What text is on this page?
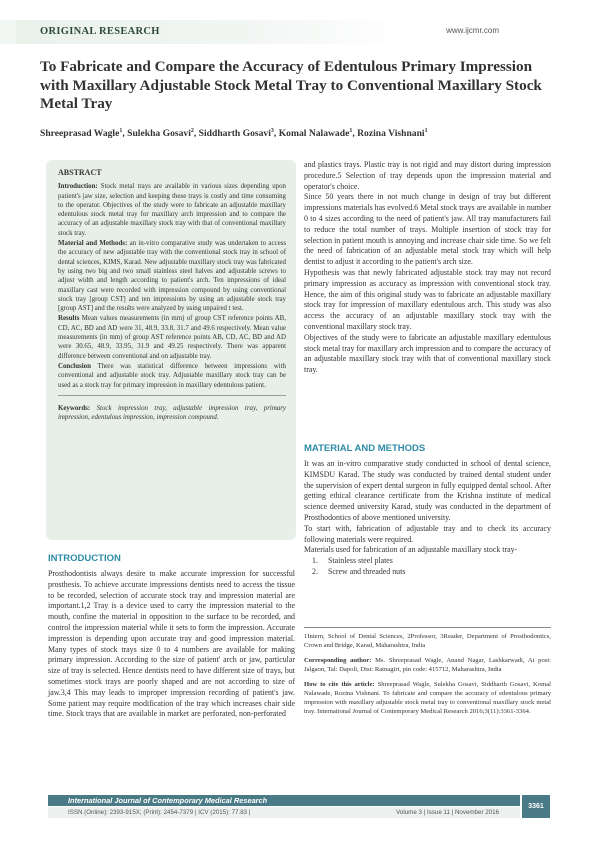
ORIGINAL RESEARCH	www.ijcmr.com
To Fabricate and Compare the Accuracy of Edentulous Primary Impression with Maxillary Adjustable Stock Metal Tray to Conventional Maxillary Stock Metal Tray
Shreeprasad Wagle$^1$, Sulekha Gosavi$^2$, Siddharth Gosavi$^3$, Komal Nalawade$^1$, Rozina Vishnani$^1$
ABSTRACT

Introduction: Stock metal trays are available in various sizes depending upon patient's jaw size, selection and keeping these trays is costly and time consuming to the operator. Objectives of the study were to fabricate an adjustable maxillary edentulous stock metal tray for maxillary arch impression and to compare the accuracy of an adjustable maxillary stock tray with that of conventional maxillary stock tray.

Material and Methods: an in-vitro comparative study was undertaken to access the accuracy of new adjustable tray with the conventional stock tray in school of dental sciences, KIMS, Karad. New adjustable maxillary stock tray was fabricated by using two big and two small stainless steel halves and adjustable screws to adjust width and length according to patient's arch. Ten impressions of ideal maxillary cast were recorded with impression compound by using conventional stock tray [group CST] and ten impressions by using an adjustable stock tray [group AST] and the results were analyzed by using unpaired t test.

Results Mean values measurements (in mm) of group CST reference points AB, CD, AC, BD and AD were 31, 48.9, 33.8, 31.7 and 49.6 respectively. Mean value measurements (in mm) of group AST reference points AB, CD, AC, BD and AD were 30.65, 48.9, 33.95, 31.9 and 49.25 respectively. There was apparent difference between conventional and on adjustable tray.

Conclusion There was statistical difference between impressions with conventional and adjustable stock tray. Adjustable maxillary stock tray can be used as a stock tray for primary impression in maxillary edentulous patient.

Keywords: Stock impression tray, adjustable impression tray, primary impression, edentulous impression, impression compound.

INTRODUCTION

Prosthodontists always desire to make accurate impression for successful prosthesis. To achieve accurate impressions dentists need to access the tissue to be recorded, selection of accurate stock tray and impression material are important.1,2 Tray is a device used to carry the impression material to the mouth, confine the material in opposition to the surface to be recorded, and control the impression material while it sets to form the impression. Accurate impression is depending upon accurate tray and good impression material. Many types of stock trays size 0 to 4 numbers are available for making primary impression. According to the size of patient' arch or jaw, particular size of tray is selected. Hence dentists need to have different size of trays, but sometimes stock trays are poorly shaped and are not according to size of jaw.3,4 This may leads to improper impression recording of patient's jaw. Some patient may require modification of the tray which increases chair side time. Stock trays that are available in market are perforated, non-perforated

and plastics trays. Plastic tray is not rigid and may distort during impression procedure.5 Selection of tray depends upon the impression material and operator's choice.

Since 50 years there in not much change in design of tray but different impressions materials has evolved.6 Metal stock trays are available in number 0 to 4 sizes according to the need of patient's jaw. All tray manufacturers fail to reduce the total number of trays. Multiple insertion of stock tray for selection in patient mouth is annoying and increase chair side time. So we felt the need of fabrication of an adjustable metal stock tray which will help dentist to adjust it according to the patient's arch size.

Hypothesis was that newly fabricated adjustable stock tray may not record primary impression as accuracy as impression with conventional stock tray. Hence, the aim of this original study was to fabricate an adjustable maxillary stock tray for impression of maxillary edentulous arch. This study was also access the accuracy of an adjustable maxillary stock tray with the conventional maxillary stock tray.

Objectives of the study were to fabricate an adjustable maxillary edentulous stock metal tray for maxillary arch impression and to compare the accuracy of an adjustable maxillary stock tray with that of conventional maxillary stock tray.

MATERIAL AND METHODS

It was an in-vitro comparative study conducted in school of dental science, KIMSDU Karad. The study was conducted by trained dental student under the supervision of expert dental surgeon in fully equipped dental school. After getting ethical clearance certificate from the Krishna institute of medical science deemed university Karad, study was conducted in the department of Prosthodontics of above mentioned university.

To start with, fabrication of adjustable tray and to check its accuracy following materials were required.

Materials used for fabrication of an adjustable maxillary stock tray-

1. Stainless steel plates
2. Screw and threaded nuts

1Intern, School of Dental Sciences, 2Professor, 3Reader, Department of Prosthodontics, Crown and Bridge, Karad, Maharashtra, India

Corresponding author: Ms. Shreeprasad Wagle, Anand Nagar, Lashkarwadi, At post: Jalgaon, Tal: Dapoli, Dist: Ratnagiri, pin code: 415712, Maharashtra, India

How to cite this article: Shreeprasad Wagle, Sulekha Gosavi, Siddharth Gosavi, Komal Nalawade, Rozina Vishnani. To fabricate and compare the accuracy of edentulous primary impression with maxillary adjustable stock metal tray to conventional maxillary stock metal tray. International Journal of Contemporary Medical Research 2016;3(11):3361-3364.

International Journal of Contemporary Medical Research
ISSN (Online): 2393-915X; (Print): 2454-7379 | ICV (2015): 77.83 |	Volume 3 | Issue 11 | November 2016
3361
